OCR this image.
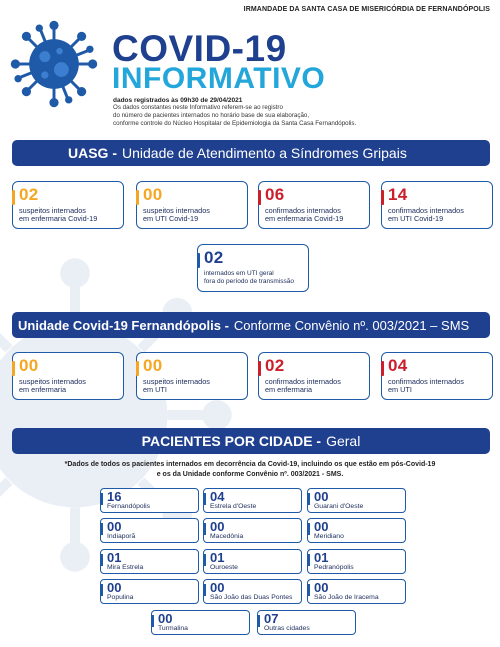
IRMANDADE DA SANTA CASA DE MISERICÓRDIA DE FERNANDÓPOLIS
COVID-19
INFORMATIVO
dados registrados às 09h30 de 29/04/2021
Os dados constantes neste Informativo referem-se ao registro
do número de pacientes internados no horário base de sua elaboração,
conforme controle do Núcleo Hospitalar de Epidemiologia da Santa Casa Fernandópolis.
UASG - Unidade de Atendimento a Síndromes Gripais
02
suspeitos internados
em enfermaria Covid-19
00
suspeitos internados
em UTI Covid-19
06
confirmados internados
em enfermaria Covid-19
14
confirmados internados
em UTI Covid-19
02
internados em UTI geral
fora do período de transmissão
Unidade Covid-19 Fernandópolis - Conforme Convênio nº. 003/2021 – SMS
00
suspeitos internados
em enfermaria
00
suspeitos internados
em UTI
02
confirmados internados
em enfermaria
04
confirmados internados
em UTI
PACIENTES POR CIDADE - Geral
*Dados de todos os pacientes internados em decorrência da Covid-19, incluindo os que estão em pós-Covid-19
e os da Unidade conforme Convênio nº. 003/2021 - SMS.
16
Fernandópolis
04
Estrela d'Oeste
00
Guarani d'Oeste
00
Indiaporã
00
Macedônia
00
Meridiano
01
Mira Estrela
01
Ouroeste
01
Pedranópolis
00
Populina
00
São João das Duas Pontes
00
São João de Iracema
00
Turmalina
07
Outras cidades
